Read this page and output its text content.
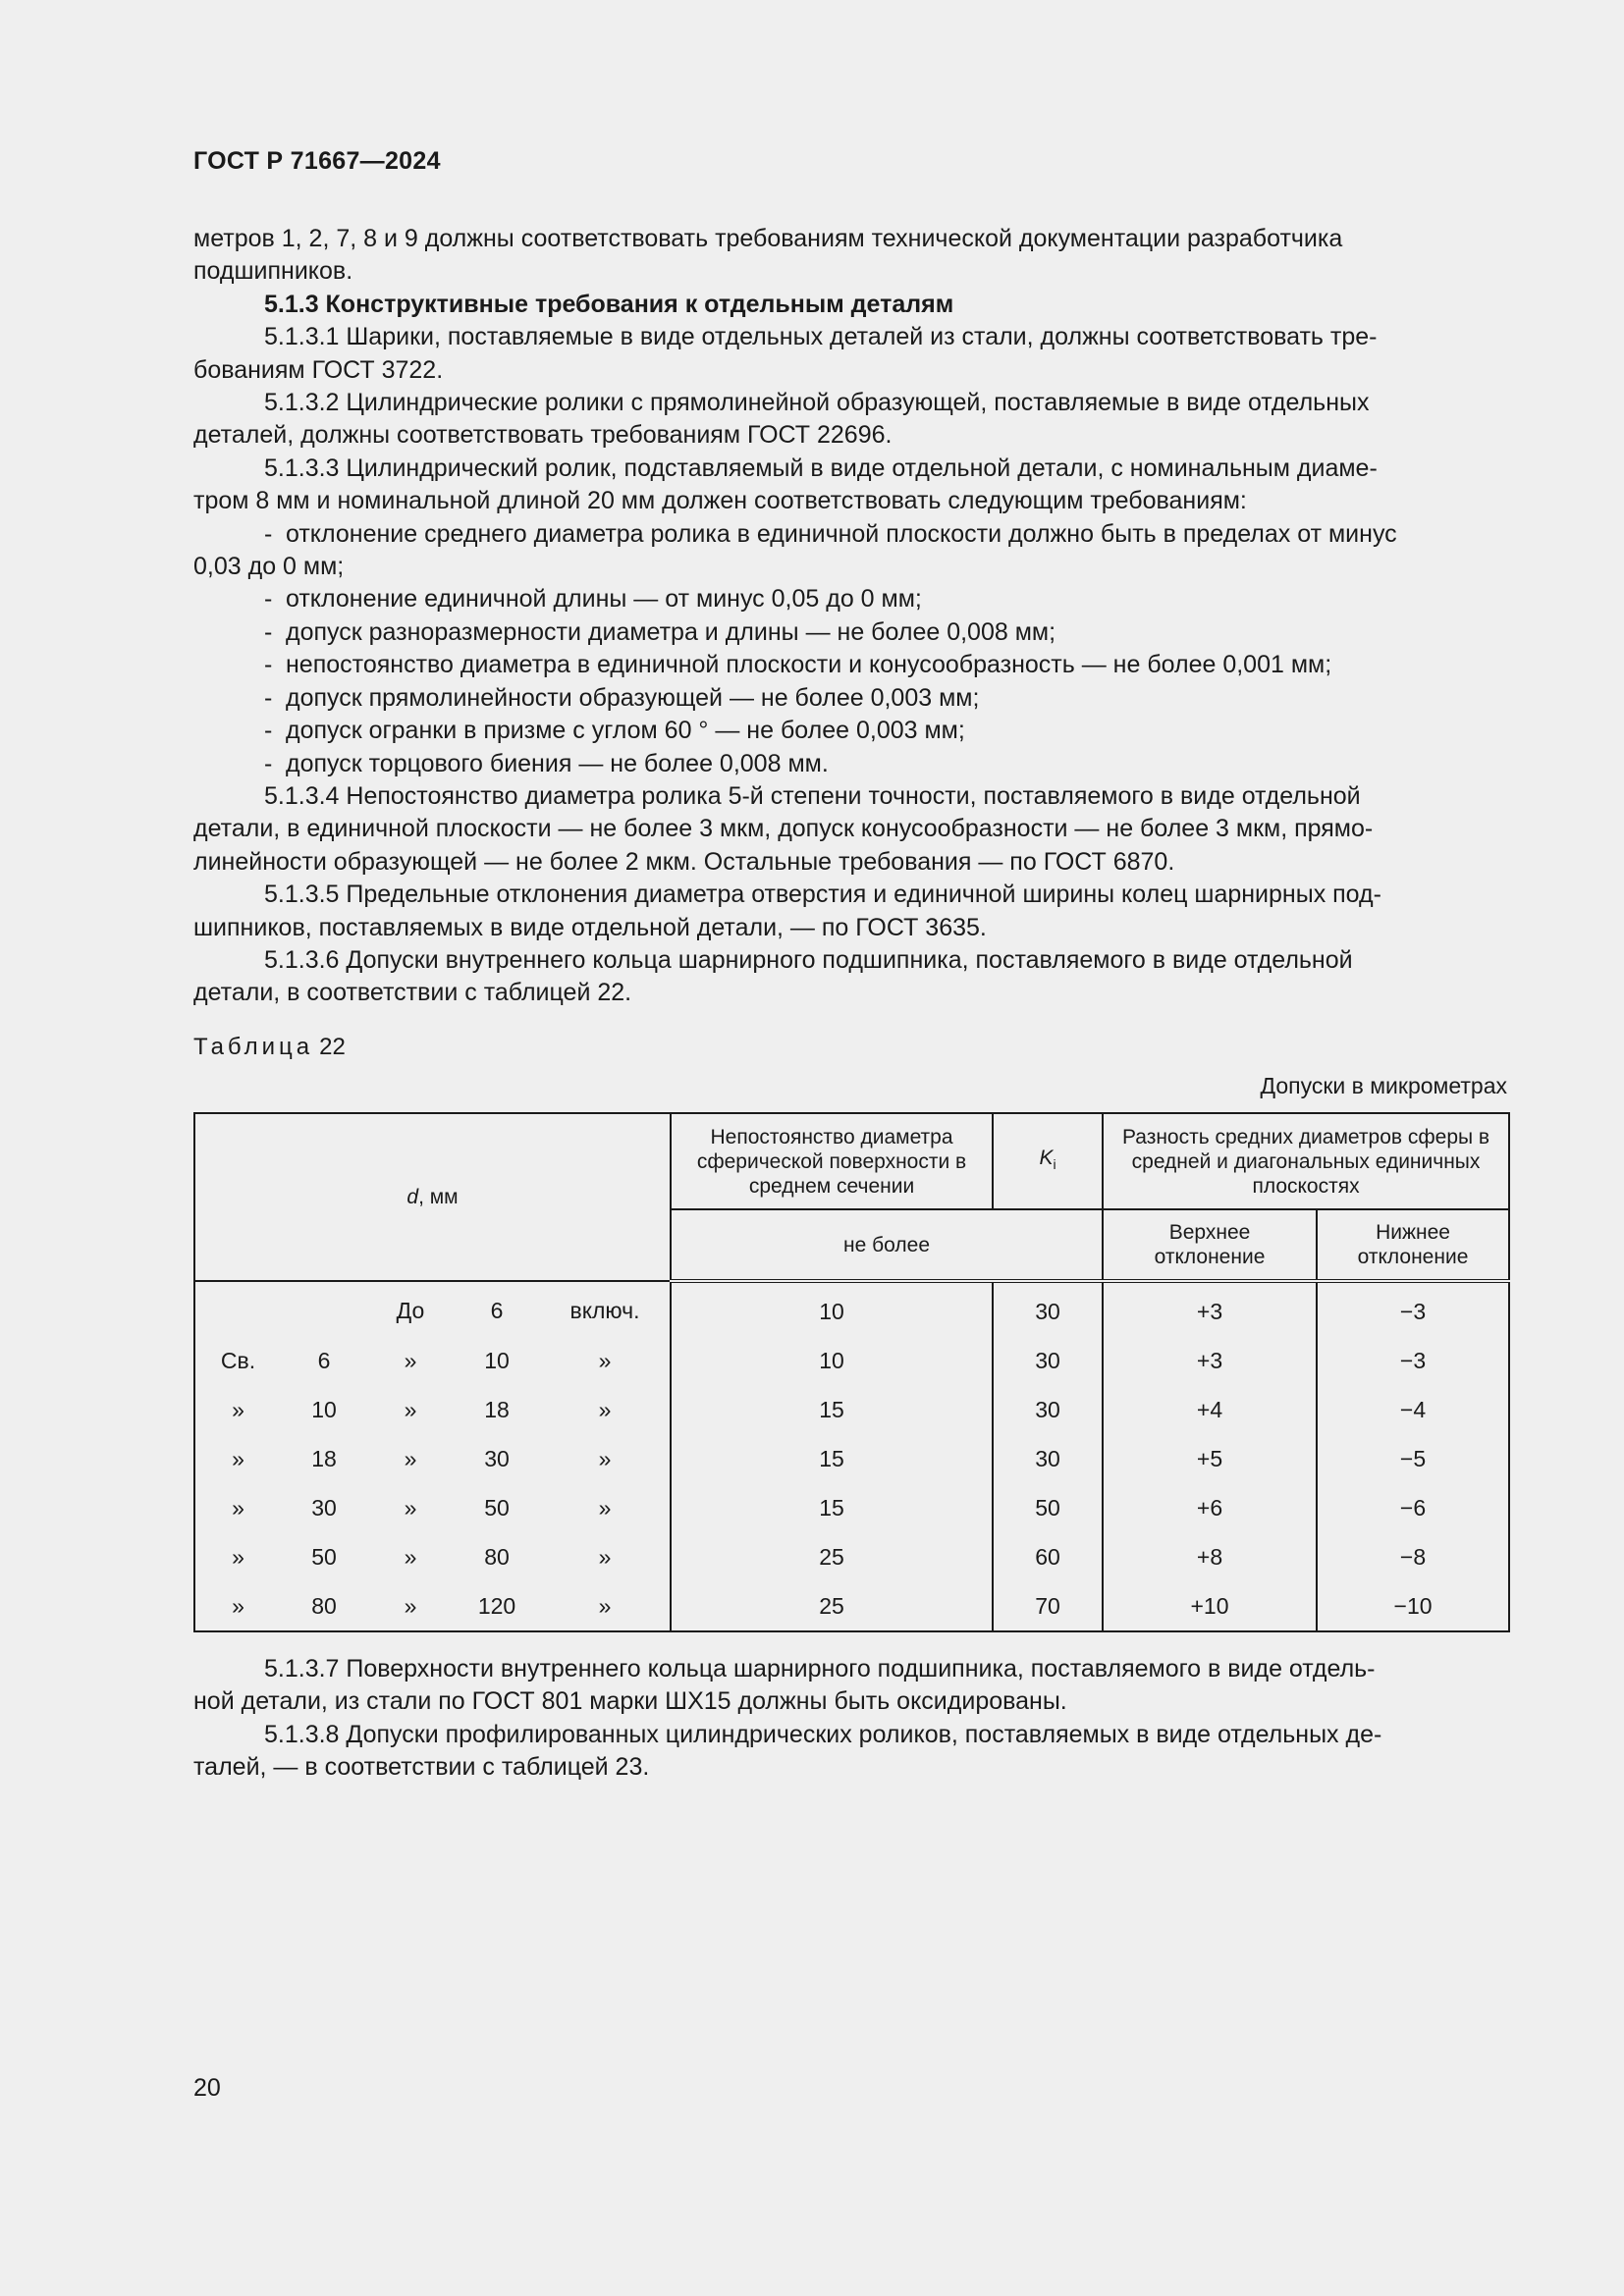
ГОСТ Р 71667—2024

метров 1, 2, 7, 8 и 9 должны соответствовать требованиям технической документации разработчика

подшипников.

5.1.3 Конструктивные требования к отдельным деталям

5.1.3.1 Шарики, поставляемые в виде отдельных деталей из стали, должны соответствовать тре-

бованиям ГОСТ 3722.

5.1.3.2 Цилиндрические ролики с прямолинейной образующей, поставляемые в виде отдельных

деталей, должны соответствовать требованиям ГОСТ 22696.

5.1.3.3 Цилиндрический ролик, подставляемый в виде отдельной детали, с номинальным диаме-

тром 8 мм и номинальной длиной 20 мм должен соответствовать следующим требованиям:

- отклонение среднего диаметра ролика в единичной плоскости должно быть в пределах от минус

0,03 до 0 мм;

- отклонение единичной длины — от минус 0,05 до 0 мм;

- допуск разноразмерности диаметра и длины — не более 0,008 мм;

- непостоянство диаметра в единичной плоскости и конусообразность — не более 0,001 мм;

- допуск прямолинейности образующей — не более 0,003 мм;

- допуск огранки в призме с углом 60 ° — не более 0,003 мм;

- допуск торцового биения — не более 0,008 мм.

5.1.3.4 Непостоянство диаметра ролика 5-й степени точности, поставляемого в виде отдельной

детали, в единичной плоскости — не более 3 мкм, допуск конусообразности — не более 3 мкм, прямо-

линейности образующей — не более 2 мкм. Остальные требования — по ГОСТ 6870.

5.1.3.5 Предельные отклонения диаметра отверстия и единичной ширины колец шарнирных под-

шипников, поставляемых в виде отдельной детали, — по ГОСТ 3635.

5.1.3.6 Допуски внутреннего кольца шарнирного подшипника, поставляемого в виде отдельной

детали, в соответствии с таблицей 22.

Таблица 22
Допуски в микрометрах
d, мм					Непостоянство диаметра сферической поверхности в среднем сечении	$K_i$	Разность средних диаметров сферы в средней и диагональных единичных плоскостях	
					не более		Верхнее отклонение	Нижнее отклонение
		До	6	включ.	10	30	+3	−3
Св.	6	»	10	»	10	30	+3	−3
»	10	»	18	»	15	30	+4	−4
»	18	»	30	»	15	30	+5	−5
»	30	»	50	»	15	50	+6	−6
»	50	»	80	»	25	60	+8	−8
»	80	»	120	»	25	70	+10	−10

5.1.3.7 Поверхности внутреннего кольца шарнирного подшипника, поставляемого в виде отдель-

ной детали, из стали по ГОСТ 801 марки ШХ15 должны быть оксидированы.

5.1.3.8 Допуски профилированных цилиндрических роликов, поставляемых в виде отдельных де-

талей, — в соответствии с таблицей 23.

20
